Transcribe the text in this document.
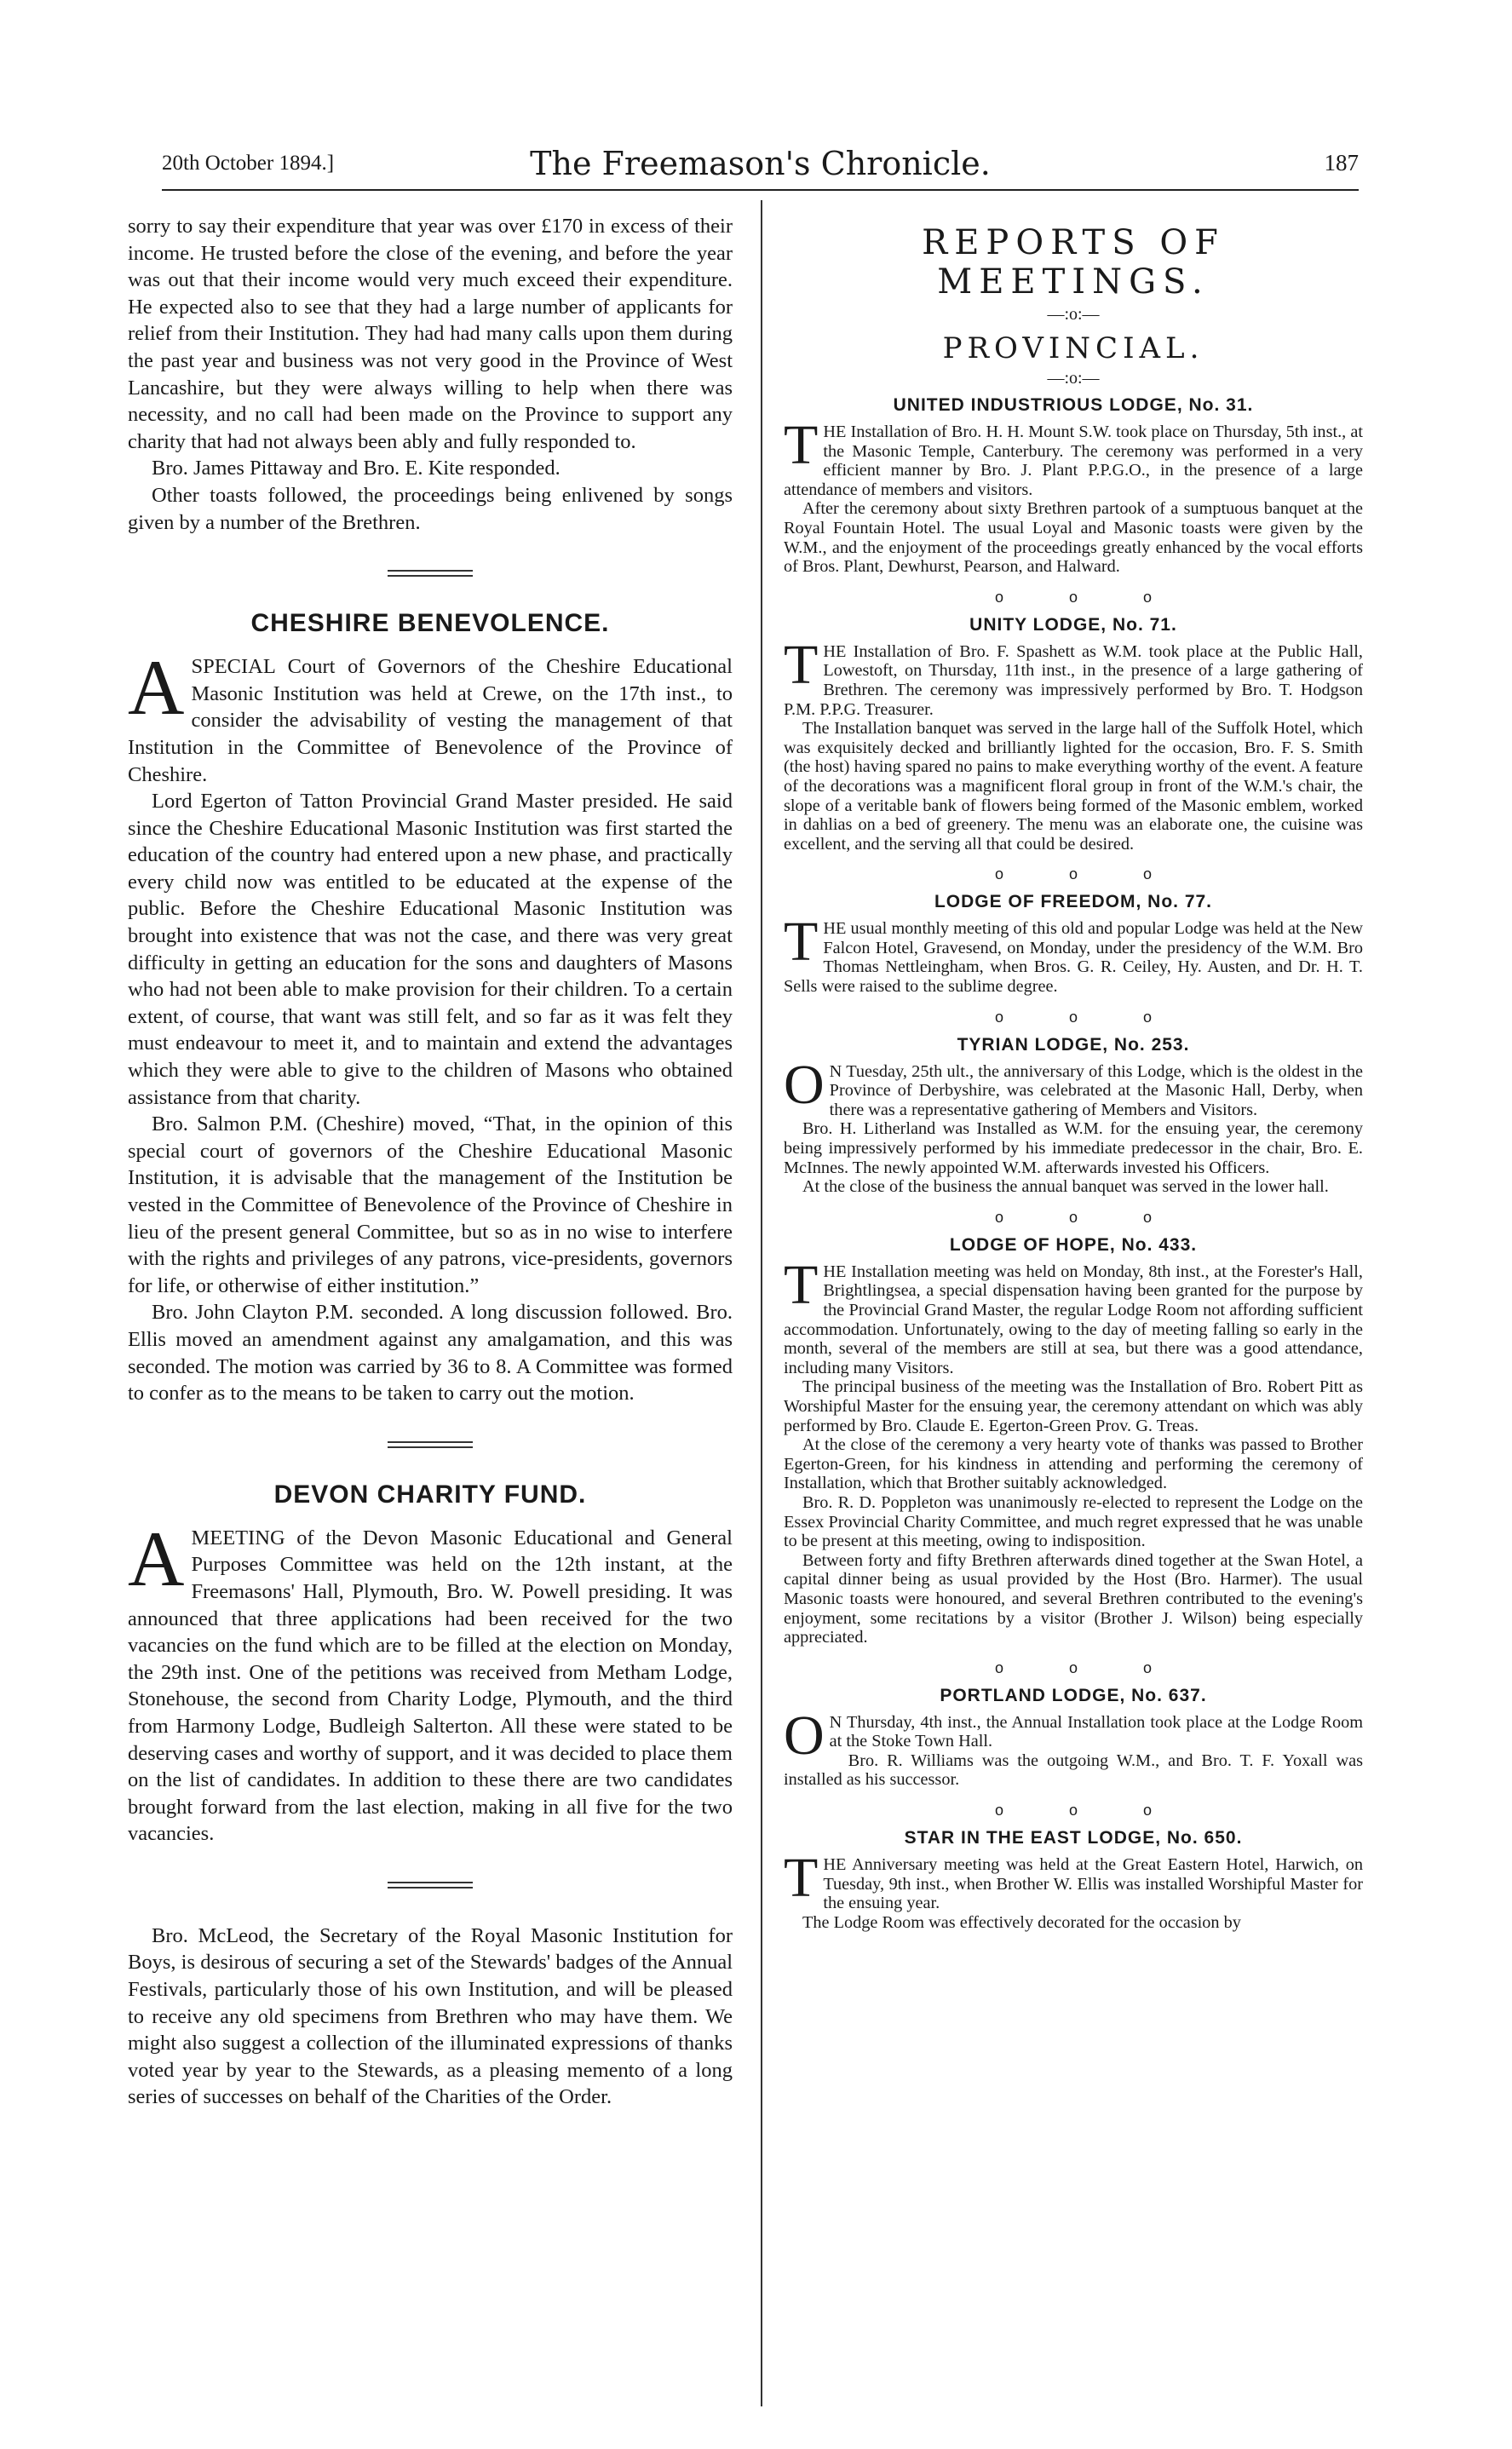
20th October 1894.]	The Freemason's Chronicle.	187

sorry to say their expenditure that year was over £170 in excess of their income. He trusted before the close of the evening, and before the year was out that their income would very much exceed their expenditure. He expected also to see that they had a large number of applicants for relief from their Institution. They had had many calls upon them during the past year and business was not very good in the Province of West Lancashire, but they were always willing to help when there was necessity, and no call had been made on the Province to support any charity that had not always been ably and fully responded to.

Bro. James Pittaway and Bro. E. Kite responded.

Other toasts followed, the proceedings being enlivened by songs given by a number of the Brethren.

CHESHIRE BENEVOLENCE.

ASPECIAL Court of Governors of the Cheshire Educational Masonic Institution was held at Crewe, on the 17th inst., to consider the advisability of vesting the management of that Institution in the Committee of Benevolence of the Province of Cheshire.

Lord Egerton of Tatton Provincial Grand Master presided. He said since the Cheshire Educational Masonic Institution was first started the education of the country had entered upon a new phase, and practically every child now was entitled to be educated at the expense of the public. Before the Cheshire Educational Masonic Institution was brought into existence that was not the case, and there was very great difficulty in getting an education for the sons and daughters of Masons who had not been able to make provision for their children. To a certain extent, of course, that want was still felt, and so far as it was felt they must endeavour to meet it, and to maintain and extend the advantages which they were able to give to the children of Masons who obtained assistance from that charity.

Bro. Salmon P.M. (Cheshire) moved, “That, in the opinion of this special court of governors of the Cheshire Educational Masonic Institution, it is advisable that the management of the Institution be vested in the Committee of Benevolence of the Province of Cheshire in lieu of the present general Committee, but so as in no wise to interfere with the rights and privileges of any patrons, vice-presidents, governors for life, or otherwise of either institution.”

Bro. John Clayton P.M. seconded. A long discussion followed. Bro. Ellis moved an amendment against any amalgamation, and this was seconded. The motion was carried by 36 to 8. A Committee was formed to confer as to the means to be taken to carry out the motion.

DEVON CHARITY FUND.

AMEETING of the Devon Masonic Educational and General Purposes Committee was held on the 12th instant, at the Freemasons' Hall, Plymouth, Bro. W. Powell presiding. It was announced that three applications had been received for the two vacancies on the fund which are to be filled at the election on Monday, the 29th inst. One of the petitions was received from Metham Lodge, Stonehouse, the second from Charity Lodge, Plymouth, and the third from Harmony Lodge, Budleigh Salterton. All these were stated to be deserving cases and worthy of support, and it was decided to place them on the list of candidates. In addition to these there are two candidates brought forward from the last election, making in all five for the two vacancies.

Bro. McLeod, the Secretary of the Royal Masonic Institution for Boys, is desirous of securing a set of the Stewards' badges of the Annual Festivals, particularly those of his own Institution, and will be pleased to receive any old specimens from Brethren who may have them. We might also suggest a collection of the illuminated expressions of thanks voted year by year to the Stewards, as a pleasing memento of a long series of successes on behalf of the Charities of the Order.

REPORTS OF MEETINGS.
—:o:—
PROVINCIAL.
—:o:—
UNITED INDUSTRIOUS LODGE, No. 31.

THE Installation of Bro. H. H. Mount S.W. took place on Thursday, 5th inst., at the Masonic Temple, Canterbury. The ceremony was performed in a very efficient manner by Bro. J. Plant P.P.G.O., in the presence of a large attendance of members and visitors.

After the ceremony about sixty Brethren partook of a sumptuous banquet at the Royal Fountain Hotel. The usual Loyal and Masonic toasts were given by the W.M., and the enjoyment of the proceedings greatly enhanced by the vocal efforts of Bros. Plant, Dewhurst, Pearson, and Halward.

o o o
UNITY LODGE, No. 71.

THE Installation of Bro. F. Spashett as W.M. took place at the Public Hall, Lowestoft, on Thursday, 11th inst., in the presence of a large gathering of Brethren. The ceremony was impressively performed by Bro. T. Hodgson P.M. P.P.G. Treasurer.

The Installation banquet was served in the large hall of the Suffolk Hotel, which was exquisitely decked and brilliantly lighted for the occasion, Bro. F. S. Smith (the host) having spared no pains to make everything worthy of the event. A feature of the decorations was a magnificent floral group in front of the W.M.'s chair, the slope of a veritable bank of flowers being formed of the Masonic emblem, worked in dahlias on a bed of greenery. The menu was an elaborate one, the cuisine was excellent, and the serving all that could be desired.

o o o
LODGE OF FREEDOM, No. 77.

THE usual monthly meeting of this old and popular Lodge was held at the New Falcon Hotel, Gravesend, on Monday, under the presidency of the W.M. Bro Thomas Nettleingham, when Bros. G. R. Ceiley, Hy. Austen, and Dr. H. T. Sells were raised to the sublime degree.

o o o
TYRIAN LODGE, No. 253.

O N Tuesday, 25th ult., the anniversary of this Lodge, which is the oldest in the Province of Derbyshire, was celebrated at the Masonic Hall, Derby, when there was a representative gathering of Members and Visitors.

Bro. H. Litherland was Installed as W.M. for the ensuing year, the ceremony being impressively performed by his immediate predecessor in the chair, Bro. E. McInnes. The newly appointed W.M. afterwards invested his Officers.

At the close of the business the annual banquet was served in the lower hall.

o o o
LODGE OF HOPE, No. 433.

THE Installation meeting was held on Monday, 8th inst., at the Forester's Hall, Brightlingsea, a special dispensation having been granted for the purpose by the Provincial Grand Master, the regular Lodge Room not affording sufficient accommodation. Unfortunately, owing to the day of meeting falling so early in the month, several of the members are still at sea, but there was a good attendance, including many Visitors.

The principal business of the meeting was the Installation of Bro. Robert Pitt as Worshipful Master for the ensuing year, the ceremony attendant on which was ably performed by Bro. Claude E. Egerton-Green Prov. G. Treas.

At the close of the ceremony a very hearty vote of thanks was passed to Brother Egerton-Green, for his kindness in attending and performing the ceremony of Installation, which that Brother suitably acknowledged.

Bro. R. D. Poppleton was unanimously re-elected to represent the Lodge on the Essex Provincial Charity Committee, and much regret expressed that he was unable to be present at this meeting, owing to indisposition.

Between forty and fifty Brethren afterwards dined together at the Swan Hotel, a capital dinner being as usual provided by the Host (Bro. Harmer). The usual Masonic toasts were honoured, and several Brethren contributed to the evening's enjoyment, some recitations by a visitor (Brother J. Wilson) being especially appreciated.

o o o
PORTLAND LODGE, No. 637.

O N Thursday, 4th inst., the Annual Installation took place at the Lodge Room at the Stoke Town Hall.

Bro. R. Williams was the outgoing W.M., and Bro. T. F. Yoxall was installed as his successor.

o o o
STAR IN THE EAST LODGE, No. 650.

THE Anniversary meeting was held at the Great Eastern Hotel, Harwich, on Tuesday, 9th inst., when Brother W. Ellis was installed Worshipful Master for the ensuing year.

The Lodge Room was effectively decorated for the occasion by
